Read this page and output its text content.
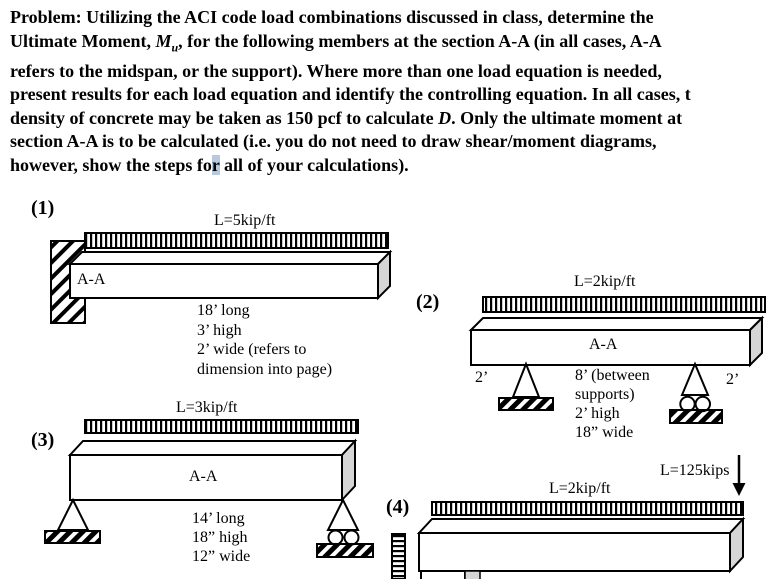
Problem: Utilizing the ACI code load combinations discussed in class, determine the
Ultimate Moment, $M_u$, for the following members at the section A-A (in all cases, A-A
refers to the midspan, or the support). Where more than one load equation is needed,
present results for each load equation and identify the controlling equation. In all cases, t
density of concrete may be taken as 150 pcf to calculate D. Only the ultimate moment at
section A-A is to be calculated (i.e. you do not need to draw shear/moment diagrams,
however, show the steps for all of your calculations).
(1)
L=5kip/ft
A-A
18’ long
3’ high
2’ wide (refers to
dimension into page)
(2)
L=2kip/ft
A-A
2’	2’
8’ (between
supports)
2’ high
18” wide
(3)
L=3kip/ft
A-A
14’ long
18” high
12” wide
(4)
L=2kip/ft
L=125kips
